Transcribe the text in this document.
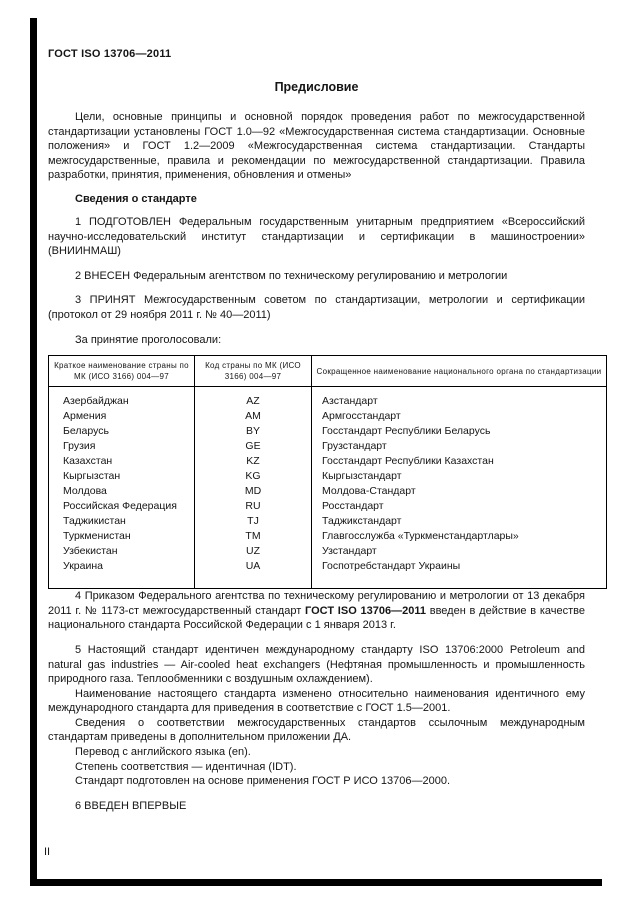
ГОСТ ISO 13706—2011
Предисловие

Цели, основные принципы и основной порядок проведения работ по межгосударственной стандартизации установлены ГОСТ 1.0—92 «Межгосударственная система стандартизации. Основные положения» и ГОСТ 1.2—2009 «Межгосударственная система стандартизации. Стандарты межгосударственные, правила и рекомендации по межгосударственной стандартизации. Правила разработки, принятия, применения, обновления и отмены»

Сведения о стандарте

1 ПОДГОТОВЛЕН Федеральным государственным унитарным предприятием «Всероссийский научно-исследовательский институт стандартизации и сертификации в машиностроении» (ВНИИНМАШ)

2 ВНЕСЕН Федеральным агентством по техническому регулированию и метрологии

3 ПРИНЯТ Межгосударственным советом по стандартизации, метрологии и сертификации (протокол от 29 ноября 2011 г. № 40—2011)

За принятие проголосовали:

Краткое наименование страны по МК (ИСО 3166) 004—97	Код страны по МК (ИСО 3166) 004—97	Сокращенное наименование национального органа по стандартизации
Азербайджан	AZ	Азстандарт
Армения	AM	Армгосстандарт
Беларусь	BY	Госстандарт Республики Беларусь
Грузия	GE	Грузстандарт
Казахстан	KZ	Госстандарт Республики Казахстан
Кыргызстан	KG	Кыргызстандарт
Молдова	MD	Молдова-Стандарт
Российская Федерация	RU	Росстандарт
Таджикистан	TJ	Таджикстандарт
Туркменистан	TM	Главгосслужба «Туркменстандартлары»
Узбекистан	UZ	Узстандарт
Украина	UA	Госпотребстандарт Украины

4 Приказом Федерального агентства по техническому регулированию и метрологии от 13 декабря 2011 г. № 1173-ст межгосударственный стандарт ГОСТ ISO 13706—2011 введен в действие в качестве национального стандарта Российской Федерации с 1 января 2013 г.

5 Настоящий стандарт идентичен международному стандарту ISO 13706:2000 Petroleum and natural gas industries — Air-cooled heat exchangers (Нефтяная промышленность и промышленность природного газа. Теплообменники с воздушным охлаждением).

Наименование настоящего стандарта изменено относительно наименования идентичного ему международного стандарта для приведения в соответствие с ГОСТ 1.5—2001.

Сведения о соответствии межгосударственных стандартов ссылочным международным стандартам приведены в дополнительном приложении ДА.

Перевод с английского языка (en).

Степень соответствия — идентичная (IDT).

Стандарт подготовлен на основе применения ГОСТ Р ИСО 13706—2000.

6 ВВЕДЕН ВПЕРВЫЕ

II
